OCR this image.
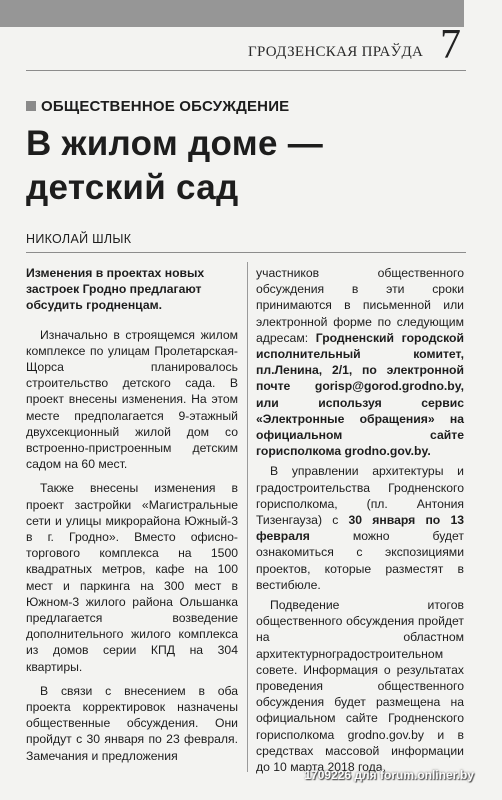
ГРОДЗЕНСКАЯ ПРАЎДА 7
ОБЩЕСТВЕННОЕ ОБСУЖДЕНИЕ
В жилом доме —
детский сад
НИКОЛАЙ ШЛЫК

Изменения в проектах новых застроек Гродно предлагают обсудить гродненцам.

Изначально в строящемся жилом комплексе по улицам Пролетарская-Щорса планировалось строительство детского сада. В проект внесены изменения. На этом месте предполагается 9-этажный двухсекционный жилой дом со встроенно-пристроенным детским садом на 60 мест.

Также внесены изменения в проект застройки «Магистральные сети и улицы микрорайона Южный-3 в г. Гродно». Вместо офисно-торгового комплекса на 1500 квадратных метров, кафе на 100 мест и паркинга на 300 мест в Южном-3 жилого района Ольшанка предлагается возведение дополнительного жилого комплекса из домов серии КПД на 304 квартиры.

В связи с внесением в оба проекта корректировок назначены общественные обсуждения. Они пройдут с 30 января по 23 февраля. Замечания и предложения

участников общественного обсуждения в эти сроки принимаются в письменной или электронной форме по следующим адресам: Гродненский городской исполнительный комитет, пл.Ленина, 2/1, по электронной почте gorisp@gorod.grodno.by, или используя сервис «Электронные обращения» на официальном сайте горисполкома grodno.gov.by.

В управлении архитектуры и градостроительства Гродненского горисполкома, (пл. Антония Тизенгауза) с 30 января по 13 февраля	можно будет ознакомиться с экспозициями проектов, которые разместят в вестибюле.

Подведение итогов общественного обсуждения пройдет на областном архитектурноградостроительном совете. Информация о результатах проведения общественного обсуждения будет размещена на официальном сайте Гродненского горисполкома grodno.gov.by и в средствах массовой информации до 10 марта 2018 года.

1709226 для forum.onliner.by
